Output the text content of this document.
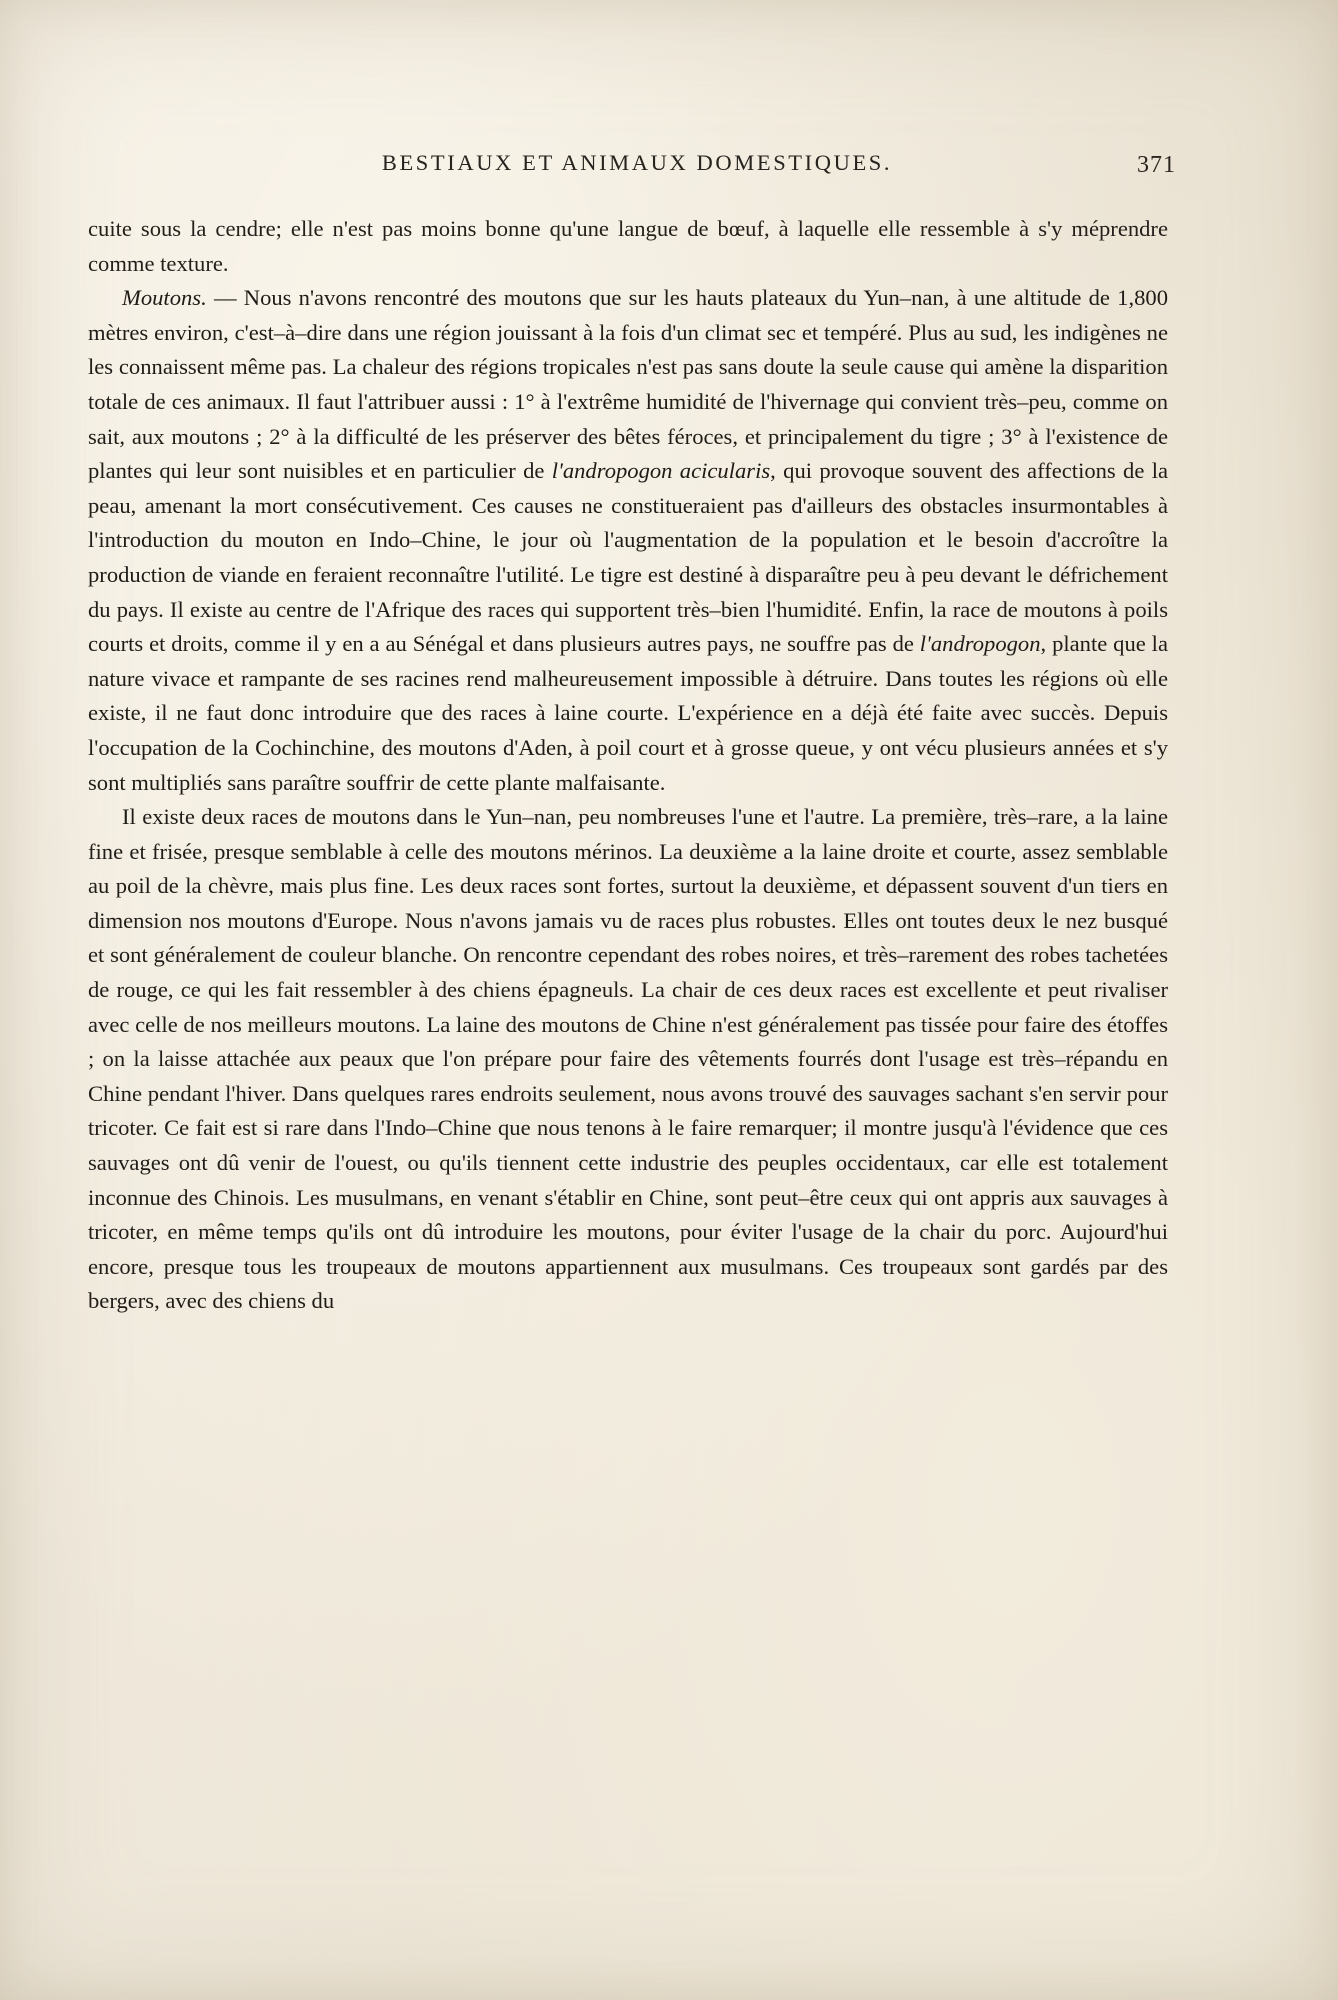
BESTIAUX ET ANIMAUX DOMESTIQUES.	371

cuite sous la cendre; elle n'est pas moins bonne qu'une langue de bœuf, à laquelle elle ressemble à s'y méprendre comme texture.

Moutons. — Nous n'avons rencontré des moutons que sur les hauts plateaux du Yun–nan, à une altitude de 1,800 mètres environ, c'est–à–dire dans une région jouissant à la fois d'un climat sec et tempéré. Plus au sud, les indigènes ne les connaissent même pas. La chaleur des régions tropicales n'est pas sans doute la seule cause qui amène la disparition totale de ces animaux. Il faut l'attribuer aussi : 1° à l'extrême humidité de l'hivernage qui convient très–peu, comme on sait, aux moutons ; 2° à la difficulté de les préserver des bêtes féroces, et principalement du tigre ; 3° à l'existence de plantes qui leur sont nuisibles et en particulier de l'andropogon acicularis, qui provoque souvent des affections de la peau, amenant la mort consécutivement. Ces causes ne constitueraient pas d'ailleurs des obstacles insurmontables à l'introduction du mouton en Indo–Chine, le jour où l'augmentation de la population et le besoin d'accroître la production de viande en feraient reconnaître l'utilité. Le tigre est destiné à disparaître peu à peu devant le défrichement du pays. Il existe au centre de l'Afrique des races qui supportent très–bien l'humidité. Enfin, la race de moutons à poils courts et droits, comme il y en a au Sénégal et dans plusieurs autres pays, ne souffre pas de l'andropogon, plante que la nature vivace et rampante de ses racines rend malheureusement impossible à détruire. Dans toutes les régions où elle existe, il ne faut donc introduire que des races à laine courte. L'expérience en a déjà été faite avec succès. Depuis l'occupation de la Cochinchine, des moutons d'Aden, à poil court et à grosse queue, y ont vécu plusieurs années et s'y sont multipliés sans paraître souffrir de cette plante malfaisante.

Il existe deux races de moutons dans le Yun–nan, peu nombreuses l'une et l'autre. La première, très–rare, a la laine fine et frisée, presque semblable à celle des moutons mérinos. La deuxième a la laine droite et courte, assez semblable au poil de la chèvre, mais plus fine. Les deux races sont fortes, surtout la deuxième, et dépassent souvent d'un tiers en dimension nos moutons d'Europe. Nous n'avons jamais vu de races plus robustes. Elles ont toutes deux le nez busqué et sont généralement de couleur blanche. On rencontre cependant des robes noires, et très–rarement des robes tachetées de rouge, ce qui les fait ressembler à des chiens épagneuls. La chair de ces deux races est excellente et peut rivaliser avec celle de nos meilleurs moutons. La laine des moutons de Chine n'est généralement pas tissée pour faire des étoffes ; on la laisse attachée aux peaux que l'on prépare pour faire des vêtements fourrés dont l'usage est très–répandu en Chine pendant l'hiver. Dans quelques rares endroits seulement, nous avons trouvé des sauvages sachant s'en servir pour tricoter. Ce fait est si rare dans l'Indo–Chine que nous tenons à le faire remarquer; il montre jusqu'à l'évidence que ces sauvages ont dû venir de l'ouest, ou qu'ils tiennent cette industrie des peuples occidentaux, car elle est totalement inconnue des Chinois. Les musulmans, en venant s'établir en Chine, sont peut–être ceux qui ont appris aux sauvages à tricoter, en même temps qu'ils ont dû introduire les moutons, pour éviter l'usage de la chair du porc. Aujourd'hui encore, presque tous les troupeaux de moutons appartiennent aux musulmans. Ces troupeaux sont gardés par des bergers, avec des chiens du
